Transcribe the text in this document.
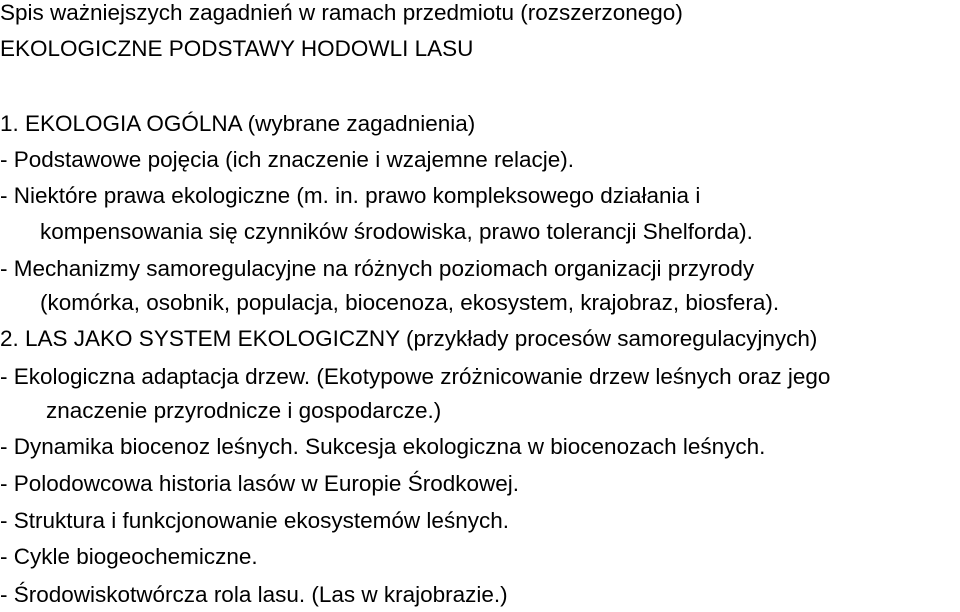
Spis ważniejszych zagadnień w ramach przedmiotu (rozszerzonego)

EKOLOGICZNE PODSTAWY HODOWLI LASU

1. EKOLOGIA OGÓLNA (wybrane zagadnienia)

- Podstawowe pojęcia (ich znaczenie i wzajemne relacje).

- Niektóre prawa ekologiczne (m. in. prawo kompleksowego działania i

kompensowania się czynników środowiska, prawo tolerancji Shelforda).

- Mechanizmy samoregulacyjne na różnych poziomach organizacji przyrody

(komórka, osobnik, populacja, biocenoza, ekosystem, krajobraz, biosfera).

2. LAS JAKO SYSTEM EKOLOGICZNY (przykłady procesów samoregulacyjnych)

- Ekologiczna adaptacja drzew. (Ekotypowe zróżnicowanie drzew leśnych oraz jego

znaczenie przyrodnicze i gospodarcze.)

- Dynamika biocenoz leśnych. Sukcesja ekologiczna w biocenozach leśnych.

- Polodowcowa historia lasów w Europie Środkowej.

- Struktura i funkcjonowanie ekosystemów leśnych.

- Cykle biogeochemiczne.

- Środowiskotwórcza rola lasu. (Las w krajobrazie.)
